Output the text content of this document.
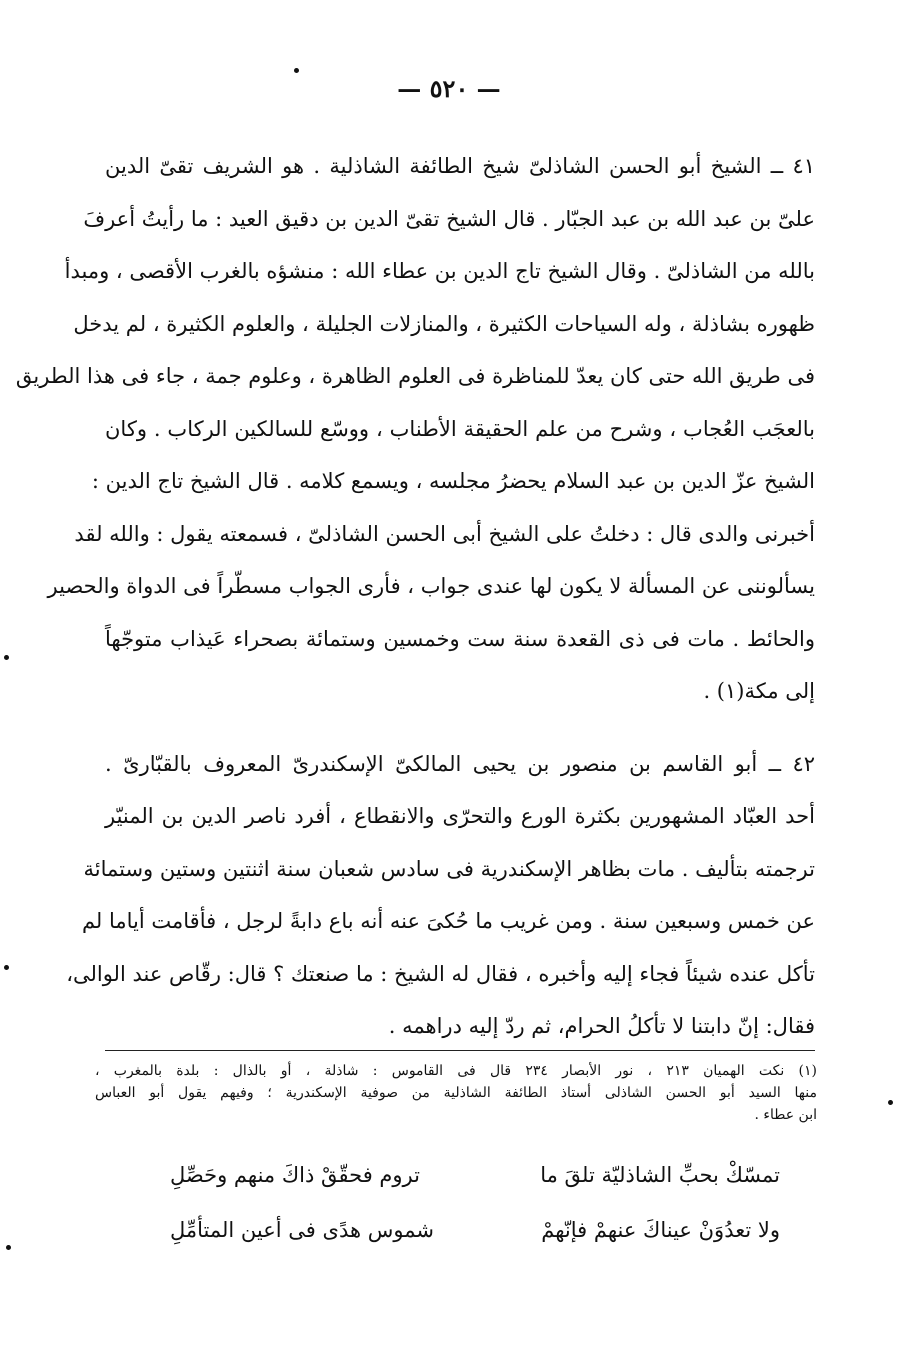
— ٥٢٠ —
٤١ ــ الشيخ أبو الحسن الشاذلىّ شيخ الطائفة الشاذلية . هو الشريف تقىّ الدين
علىّ بن عبد الله بن عبد الجبّار . قال الشيخ تقىّ الدين بن دقيق العيد : ما رأيتُ أعرفَ
بالله من الشاذلىّ . وقال الشيخ تاج الدين بن عطاء الله : منشؤه بالغرب الأقصى ، ومبدأ
ظهوره بشاذلة ، وله السياحات الكثيرة ، والمنازلات الجليلة ، والعلوم الكثيرة ، لم يدخل
فى طريق الله حتى كان يعدّ للمناظرة فى العلوم الظاهرة ، وعلوم جمة ، جاء فى هذا الطريق
بالعجَب العُجاب ، وشرح من علم الحقيقة الأطناب ، ووسّع للسالكين الركاب . وكان
الشيخ عزّ الدين بن عبد السلام يحضرُ مجلسه ، ويسمع كلامه . قال الشيخ تاج الدين :
أخبرنى والدى قال : دخلتُ على الشيخ أبى الحسن الشاذلىّ ، فسمعته يقول : والله لقد
يسألوننى عن المسألة لا يكون لها عندى جواب ، فأرى الجواب مسطّراً فى الدواة والحصير
والحائط . مات فى ذى القعدة سنة ست وخمسين وستمائة بصحراء عَيذاب متوجّهاً
إلى مكة(١) .
٤٢ ــ أبو القاسم بن منصور بن يحيى المالكىّ الإسكندرىّ المعروف بالقبّارىّ .
أحد العبّاد المشهورين بكثرة الورع والتحرّى والانقطاع ، أفرد ناصر الدين بن المنيّر
ترجمته بتأليف . مات بظاهر الإسكندرية فى سادس شعبان سنة اثنتين وستين وستمائة
عن خمس وسبعين سنة . ومن غريب ما حُكىَ عنه أنه باع دابةً لرجل ، فأقامت أياما لم
تأكل عنده شيئاً فجاء إليه وأخبره ، فقال له الشيخ : ما صنعتك ؟ قال: رقّاص عند الوالى،
فقال: إنّ دابتنا لا تأكلُ الحرام، ثم ردّ إليه دراهمه .
(١) نكت الهميان ٢١٣ ، نور الأبصار ٢٣٤ قال فى القاموس : شاذلة ، أو بالذال : بلدة بالمغرب ،
منها السيد أبو الحسن الشاذلى أستاذ الطائفة الشاذلية من صوفية الإسكندرية ؛ وفيهم يقول أبو العباس
ابن عطاء .
تمسّكْ بحبِّ الشاذليّة تلقَ ما
تروم فحقّقْ ذاكَ منهم وحَصِّلِ
ولا تعدُوَنْ عيناكَ عنهمْ فإنّهمْ
شموس هدًى فى أعين المتأمِّلِ
